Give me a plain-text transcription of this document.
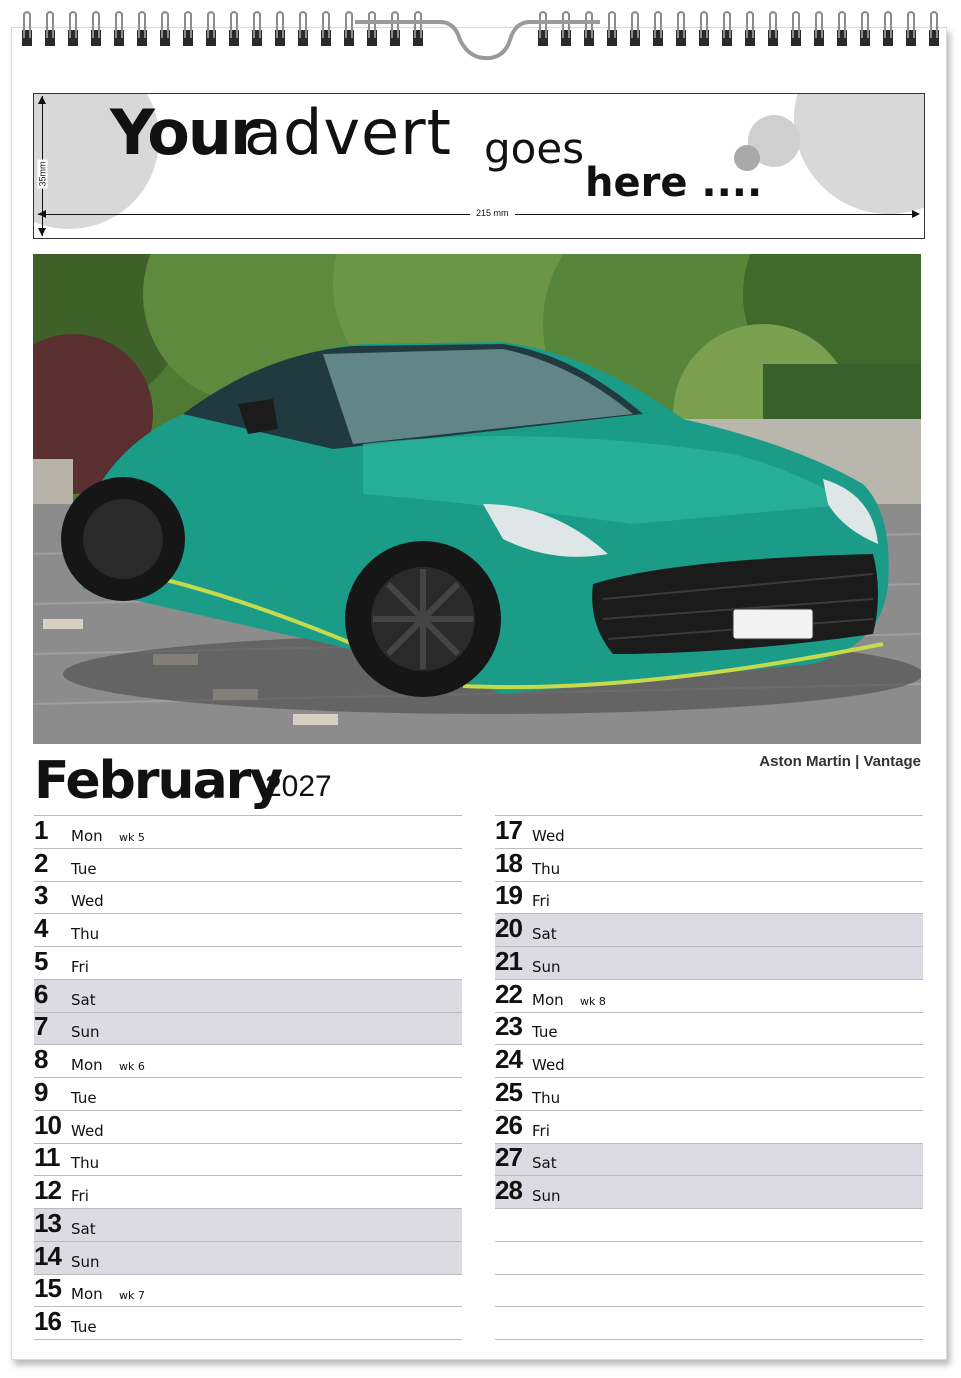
Your
advert goes
here ....
215 mm
35mm
Aston Martin | Vantage
February
2027
1 Mon wk 5
2 Tue
3 Wed
4 Thu
5 Fri
6 Sat
7 Sun
8 Mon wk 6
9 Tue
10 Wed
11 Thu
12 Fri
13 Sat
14 Sun
15 Mon wk 7
16 Tue
17 Wed
18 Thu
19 Fri
20 Sat
21 Sun
22 Mon wk 8
23 Tue
24 Wed
25 Thu
26 Fri
27 Sat
28 Sun
